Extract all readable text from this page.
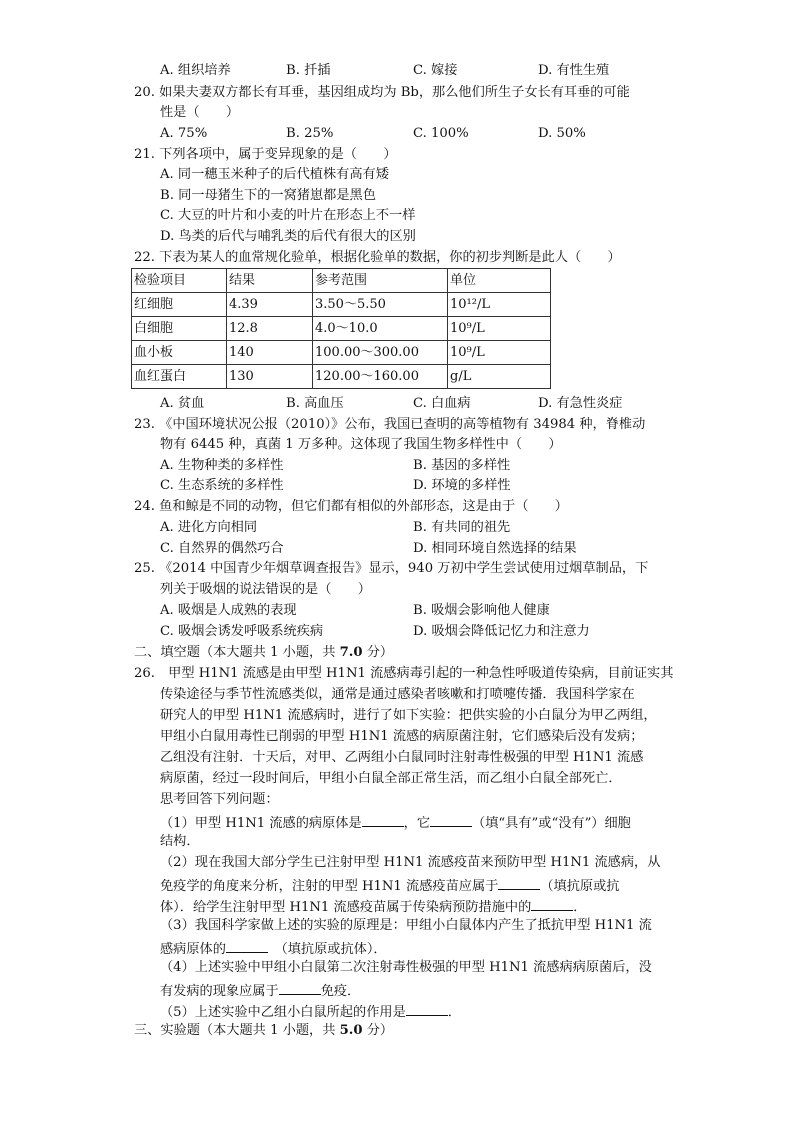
A. 组织培养	B. 扦插	C. 嫁接	D. 有性生殖
20. 如果夫妻双方都长有耳垂，基因组成均为 Bb，那么他们所生子女长有耳垂的可能
性是（　　）
A. 75%	B. 25%	C. 100%	D. 50%
21. 下列各项中，属于变异现象的是（　　）
A. 同一穗玉米种子的后代植株有高有矮
B. 同一母猪生下的一窝猪崽都是黑色
C. 大豆的叶片和小麦的叶片在形态上不一样
D. 鸟类的后代与哺乳类的后代有很大的区别
22. 下表为某人的血常规化验单，根据化验单的数据，你的初步判断是此人（　　）
检验项目	结果	参考范围	单位
红细胞	4.39	3.50～5.50	10¹²/L
白细胞	12.8	4.0～10.0	10⁹/L
血小板	140	100.00～300.00	10⁹/L
血红蛋白	130	120.00～160.00	g/L
A. 贫血	B. 高血压	C. 白血病	D. 有急性炎症
23. 《中国环境状况公报（2010）》公布，我国已查明的高等植物有 34984 种，脊椎动
物有 6445 种，真菌 1 万多种。这体现了我国生物多样性中（　　）
A. 生物种类的多样性	B. 基因的多样性
C. 生态系统的多样性	D. 环境的多样性
24. 鱼和鲸是不同的动物，但它们都有相似的外部形态，这是由于（　　）
A. 进化方向相同	B. 有共同的祖先
C. 自然界的偶然巧合	D. 相同环境自然选择的结果
25. 《2014 中国青少年烟草调查报告》显示，940 万初中学生尝试使用过烟草制品，下
列关于吸烟的说法错误的是（　　）
A. 吸烟是人成熟的表现	B. 吸烟会影响他人健康
C. 吸烟会诱发呼吸系统疾病	D. 吸烟会降低记忆力和注意力
二、填空题（本大题共 1 小题，共 7.0 分）
26.　甲型 H1N1 流感是由甲型 H1N1 流感病毒引起的一种急性呼吸道传染病，目前证实其
传染途径与季节性流感类似，通常是通过感染者咳嗽和打喷嚏传播．我国科学家在
研究人的甲型 H1N1 流感病时，进行了如下实验：把供实验的小白鼠分为甲乙两组，
甲组小白鼠用毒性已削弱的甲型 H1N1 流感的病原菌注射，它们感染后没有发病；
乙组没有注射．十天后，对甲、乙两组小白鼠同时注射毒性极强的甲型 H1N1 流感
病原菌，经过一段时间后，甲组小白鼠全部正常生活，而乙组小白鼠全部死亡．
思考回答下列问题：
（1）甲型 H1N1 流感的病原体是	，它	（填“具有”或“没有”）细胞
结构．
（2）现在我国大部分学生已注射甲型 H1N1 流感疫苗来预防甲型 H1N1 流感病，从
免疫学的角度来分析，注射的甲型 H1N1 流感疫苗应属于	（填抗原或抗
体）．给学生注射甲型 H1N1 流感疫苗属于传染病预防措施中的	．
（3）我国科学家做上述的实验的原理是：甲组小白鼠体内产生了抵抗甲型 H1N1 流
感病原体的	　（填抗原或抗体）．
（4）上述实验中甲组小白鼠第二次注射毒性极强的甲型 H1N1 流感病病原菌后，没
有发病的现象应属于	免疫．
（5）上述实验中乙组小白鼠所起的作用是	．
三、实验题（本大题共 1 小题，共 5.0 分）
